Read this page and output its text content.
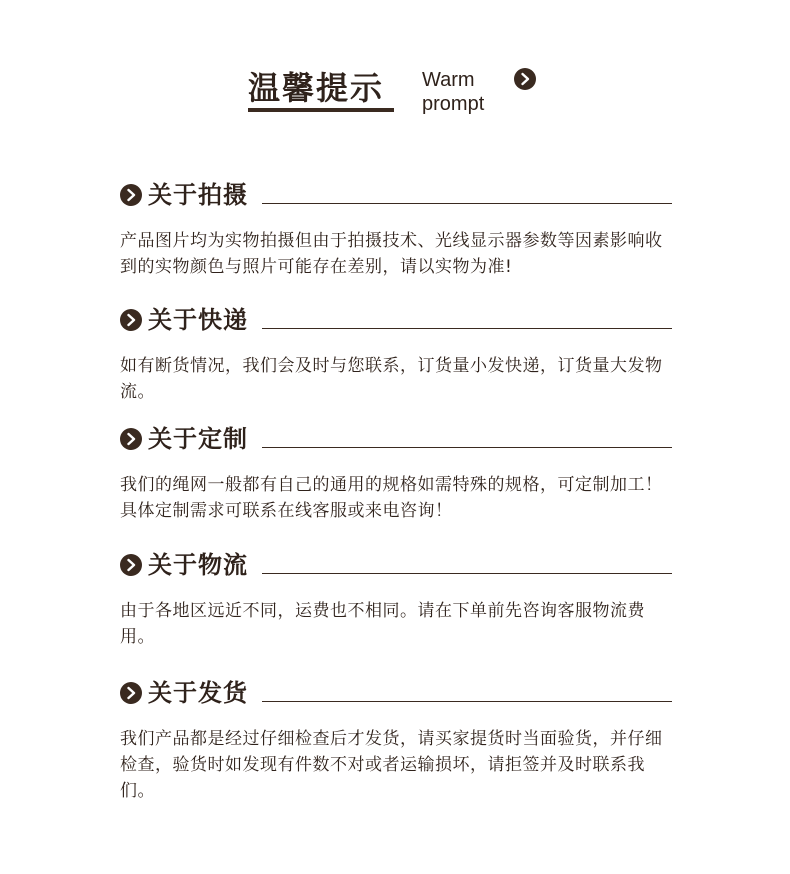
温馨提示 Warm
prompt
关于拍摄
产品图片均为实物拍摄但由于拍摄技术、光线显示器参数等因素影响收到的实物颜色与照片可能存在差别，请以实物为准!
关于快递
如有断货情况，我们会及时与您联系，订货量小发快递，订货量大发物流。
关于定制
我们的绳网一般都有自己的通用的规格如需特殊的规格，可定制加工！具体定制需求可联系在线客服或来电咨询！
关于物流
由于各地区远近不同，运费也不相同。请在下单前先咨询客服物流费用。
关于发货
我们产品都是经过仔细检查后才发货，请买家提货时当面验货，并仔细检查，验货时如发现有件数不对或者运输损坏，请拒签并及时联系我们。
